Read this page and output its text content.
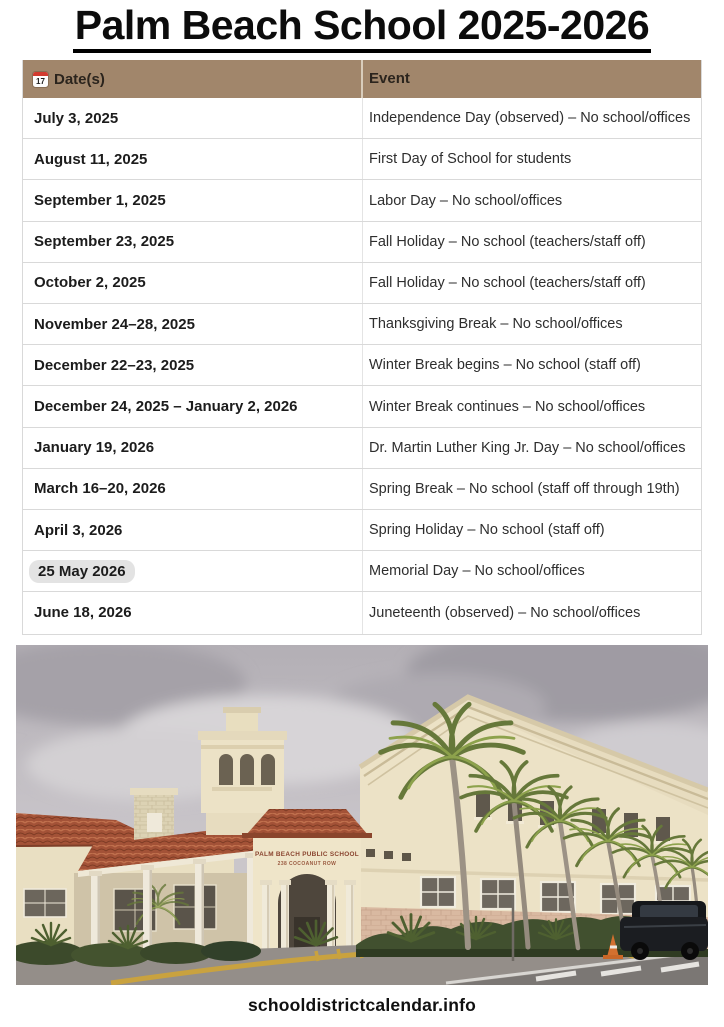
Palm Beach School 2025-2026
17 Date(s)	Event
July 3, 2025	Independence Day (observed) – No school/offices
August 11, 2025	First Day of School for students
September 1, 2025	Labor Day – No school/offices
September 23, 2025	Fall Holiday – No school (teachers/staff off)
October 2, 2025	Fall Holiday – No school (teachers/staff off)
November 24–28, 2025	Thanksgiving Break – No school/offices
December 22–23, 2025	Winter Break begins – No school (staff off)
December 24, 2025 – January 2, 2026	Winter Break continues – No school/offices
January 19, 2026	Dr. Martin Luther King Jr. Day – No school/offices
March 16–20, 2026	Spring Break – No school (staff off through 19th)
April 3, 2026	Spring Holiday – No school (staff off)
25 May 2026	Memorial Day – No school/offices
June 18, 2026	Juneteenth (observed) – No school/offices
PALM BEACH PUBLIC SCHOOL
238 COCOANUT ROW
schooldistrictcalendar.info
